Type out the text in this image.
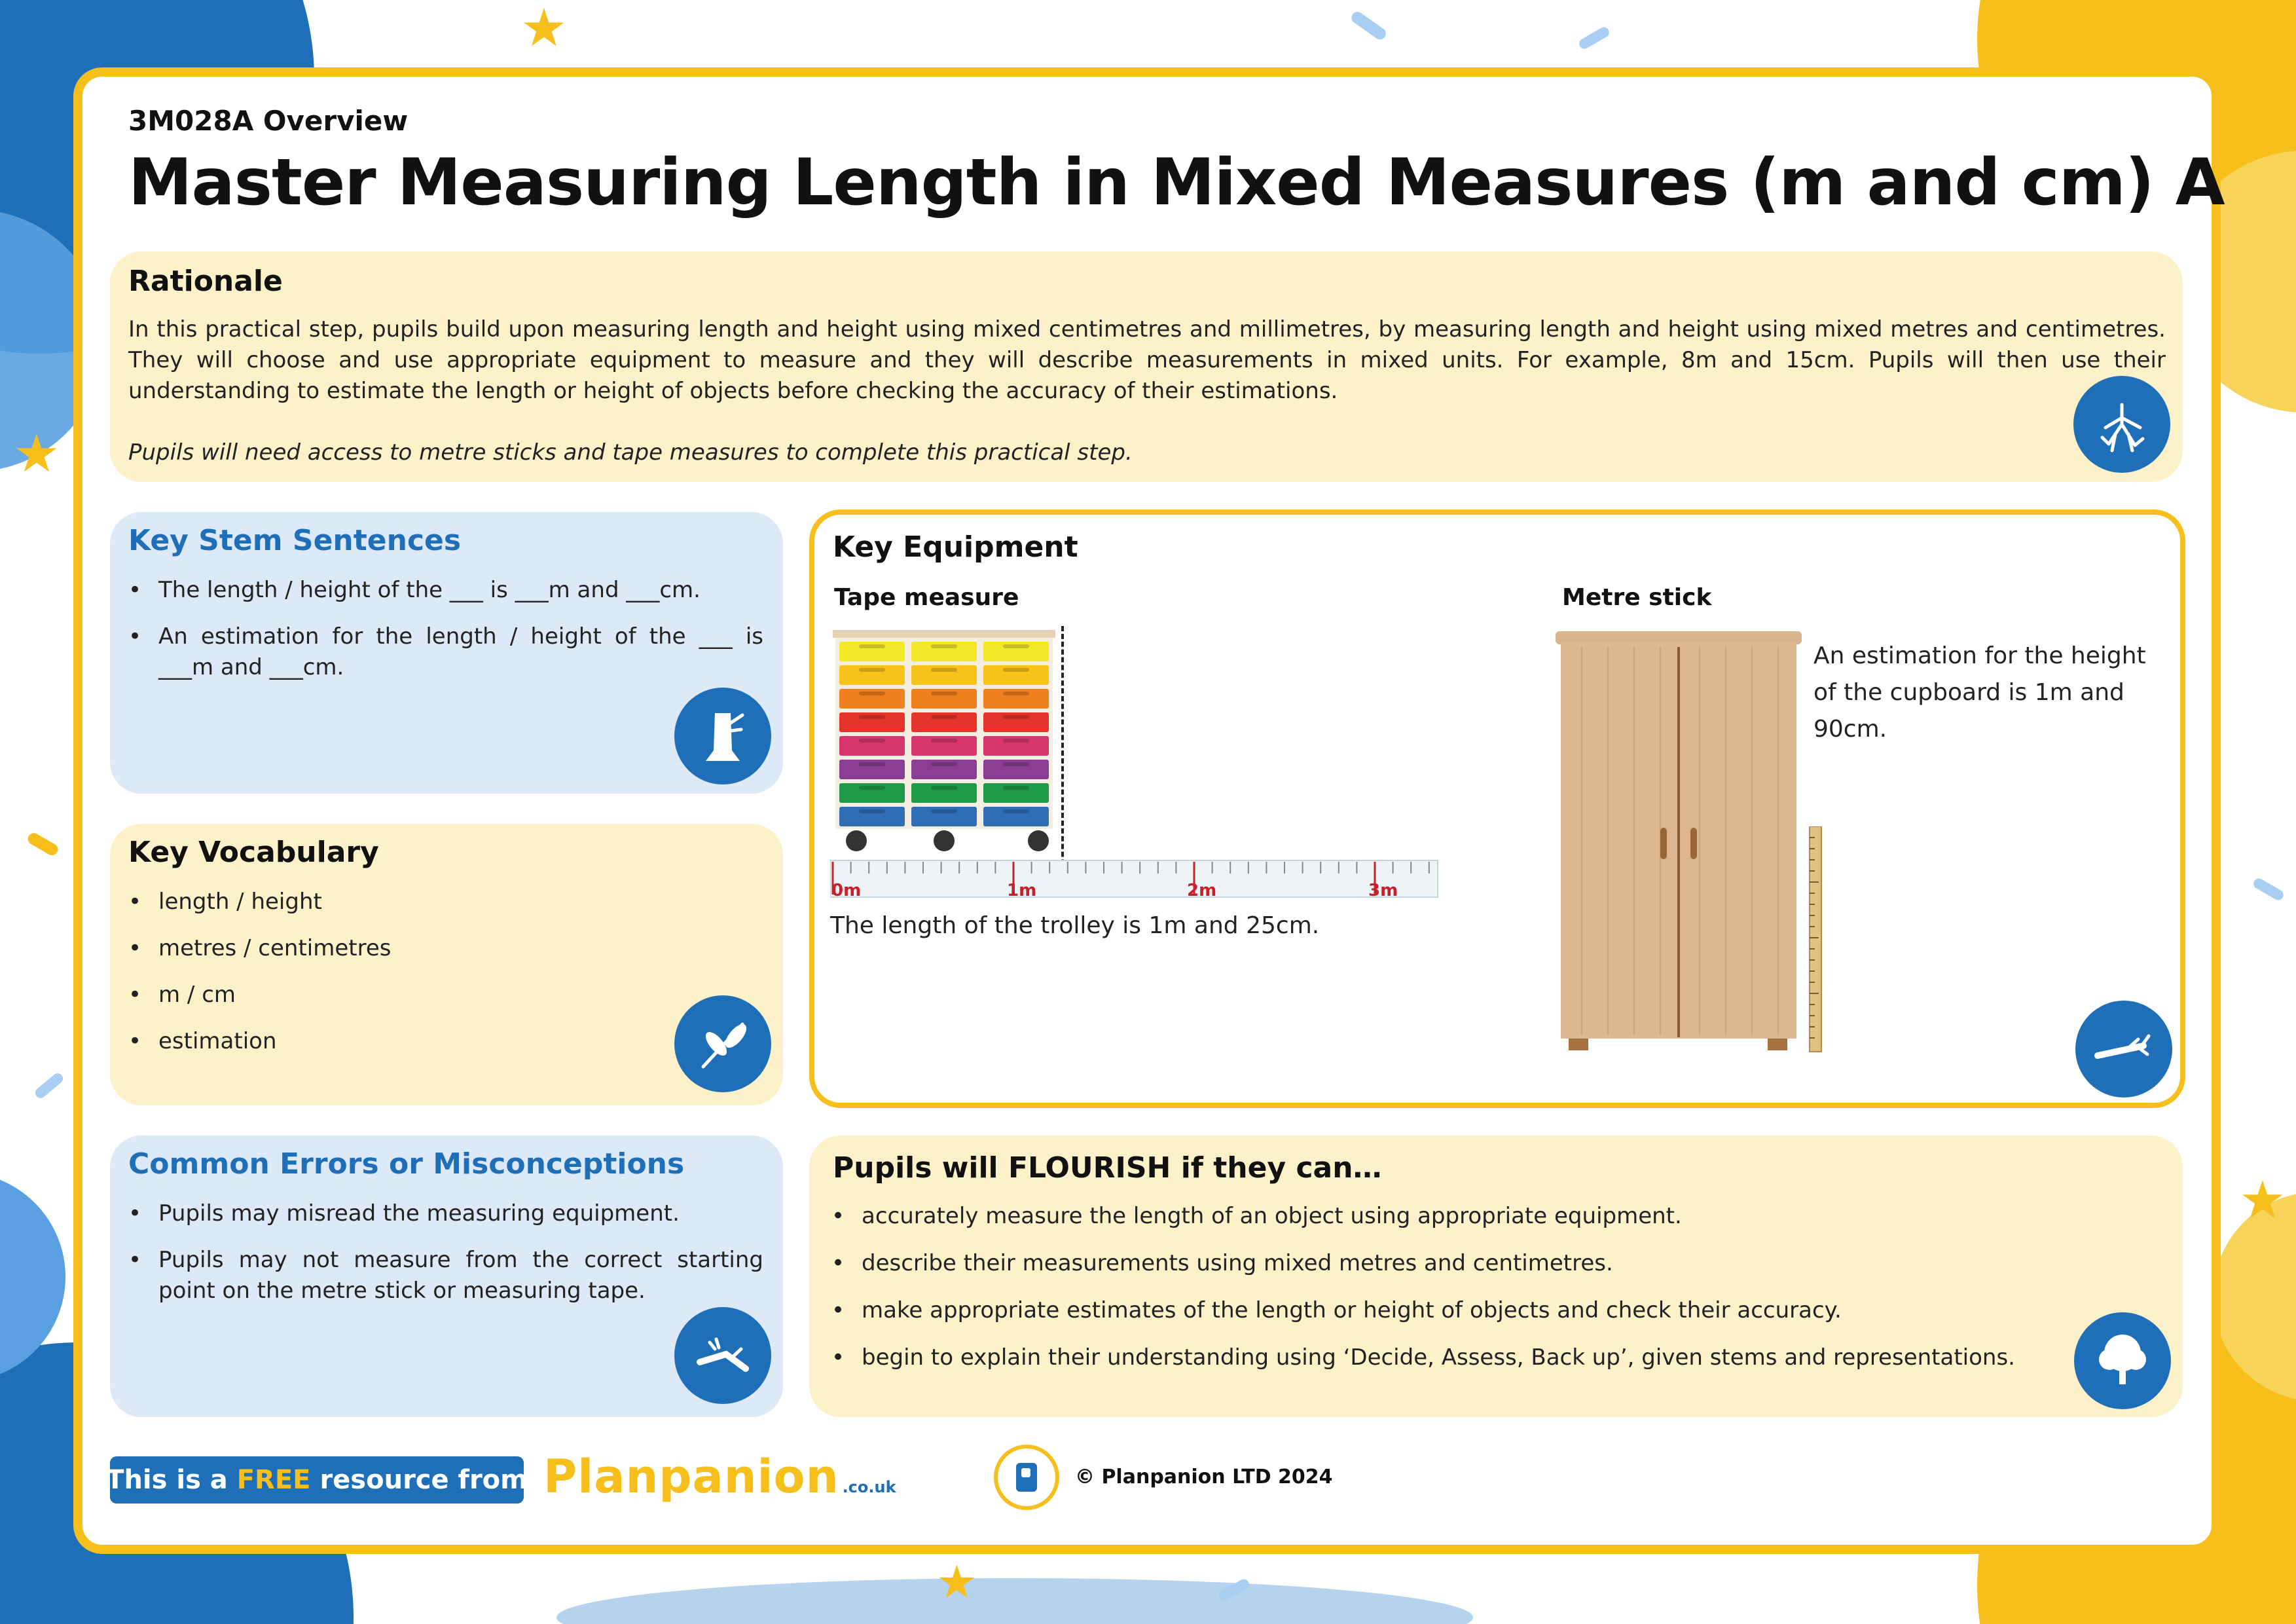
★
★
★
★
3M028A Overview
Master Measuring Length in Mixed Measures (m and cm) A
Rationale
In this practical step, pupils build upon measuring length and height using mixed centimetres and millimetres, by measuring length and height using mixed metres and centimetres. They will choose and use appropriate equipment to measure and they will describe measurements in mixed units. For example, 8m and 15cm. Pupils will then use their understanding to estimate the length or height of objects before checking the accuracy of their estimations.
Pupils will need access to metre sticks and tape measures to complete this practical step.
Key Stem Sentences
• The length / height of the ___ is ___m and ___cm.
• An estimation for the length / height of the ___ is ___m and ___cm.
Key Vocabulary
• length / height
• metres / centimetres
• m / cm
• estimation
Common Errors or Misconceptions
• Pupils may misread the measuring equipment.
• Pupils may not measure from the correct starting point on the metre stick or measuring tape.
Key Equipment
Tape measure	Metre stick
0m	1m	2m	3m
The length of the trolley is 1m and 25cm.
An estimation for the height of the cupboard is 1m and 90cm.
Pupils will FLOURISH if they can…
• accurately measure the length of an object using appropriate equipment.
• describe their measurements using mixed metres and centimetres.
• make appropriate estimates of the length or height of objects and check their accuracy.
• begin to explain their understanding using ‘Decide, Assess, Back up’, given stems and representations.
This is a FREE resource from Planpanion .co.uk	© Planpanion LTD 2024
